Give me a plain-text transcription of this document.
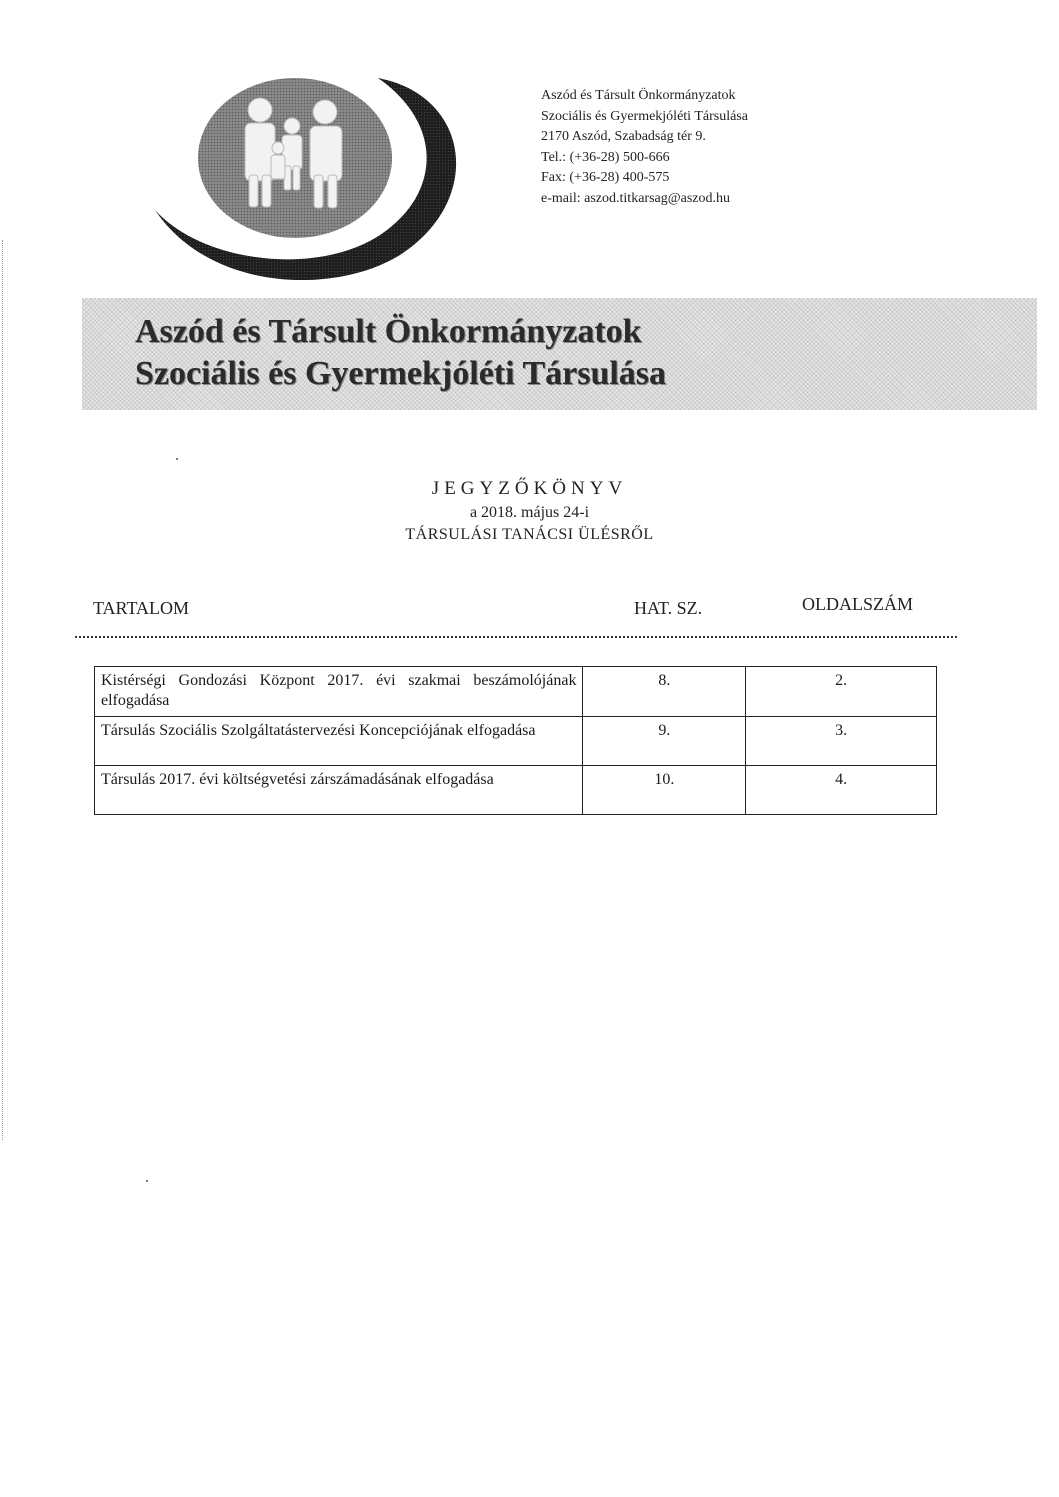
Aszód és Társult Önkormányzatok
Szociális és Gyermekjóléti Társulása
2170 Aszód, Szabadság tér 9.
Tel.: (+36-28) 500-666
Fax: (+36-28) 400-575
e-mail: aszod.titkarsag@aszod.hu
Aszód és Társult Önkormányzatok
Szociális és Gyermekjóléti Társulása
JEGYZŐKÖNYV
a 2018. május 24-i
TÁRSULÁSI TANÁCSI ÜLÉSRŐL
TARTALOM	HAT. SZ.	OLDALSZÁM
Kistérségi Gondozási Központ 2017. évi szakmai beszámolójának elfogadása	8.	2.
Társulás Szociális Szolgáltatástervezési Koncepciójának elfogadása	9.	3.
Társulás 2017. évi költségvetési zárszámadásának elfogadása	10.	4.
